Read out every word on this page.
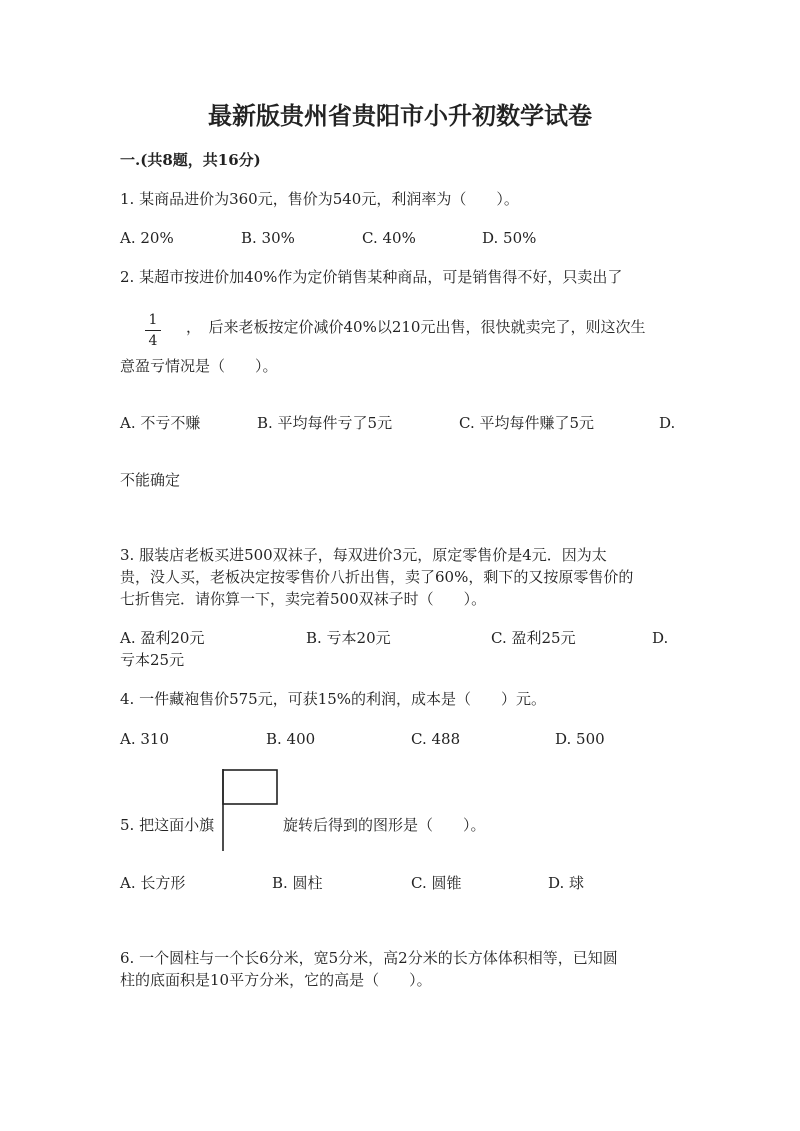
最新版贵州省贵阳市小升初数学试卷
一.(共8题，共16分)
1. 某商品进价为360元，售价为540元，利润率为（　　）。
A. 20%	B. 30%	C. 40%	D. 50%
2. 某超市按进价加40%作为定价销售某种商品，可是销售得不好，只卖出了
1
4
，　后来老板按定价减价40%以210元出售，很快就卖完了，则这次生
意盈亏情况是（　　）。
A. 不亏不赚	B. 平均每件亏了5元	C. 平均每件赚了5元	D.
不能确定
3. 服装店老板买进500双袜子，每双进价3元，原定零售价是4元．因为太
贵，没人买，老板决定按零售价八折出售，卖了60%，剩下的又按原零售价的
七折售完．请你算一下，卖完着500双袜子时（　　）。
A. 盈利20元	B. 亏本20元	C. 盈利25元	D.
亏本25元
4. 一件藏袍售价575元，可获15%的利润，成本是（　　）元。
A. 310	B. 400	C. 488	D. 500
5. 把这面小旗	旋转后得到的图形是（　　）。
A. 长方形	B. 圆柱	C. 圆锥	D. 球
6. 一个圆柱与一个长6分米，宽5分米，高2分米的长方体体积相等，已知圆
柱的底面积是10平方分米，它的高是（　　）。
